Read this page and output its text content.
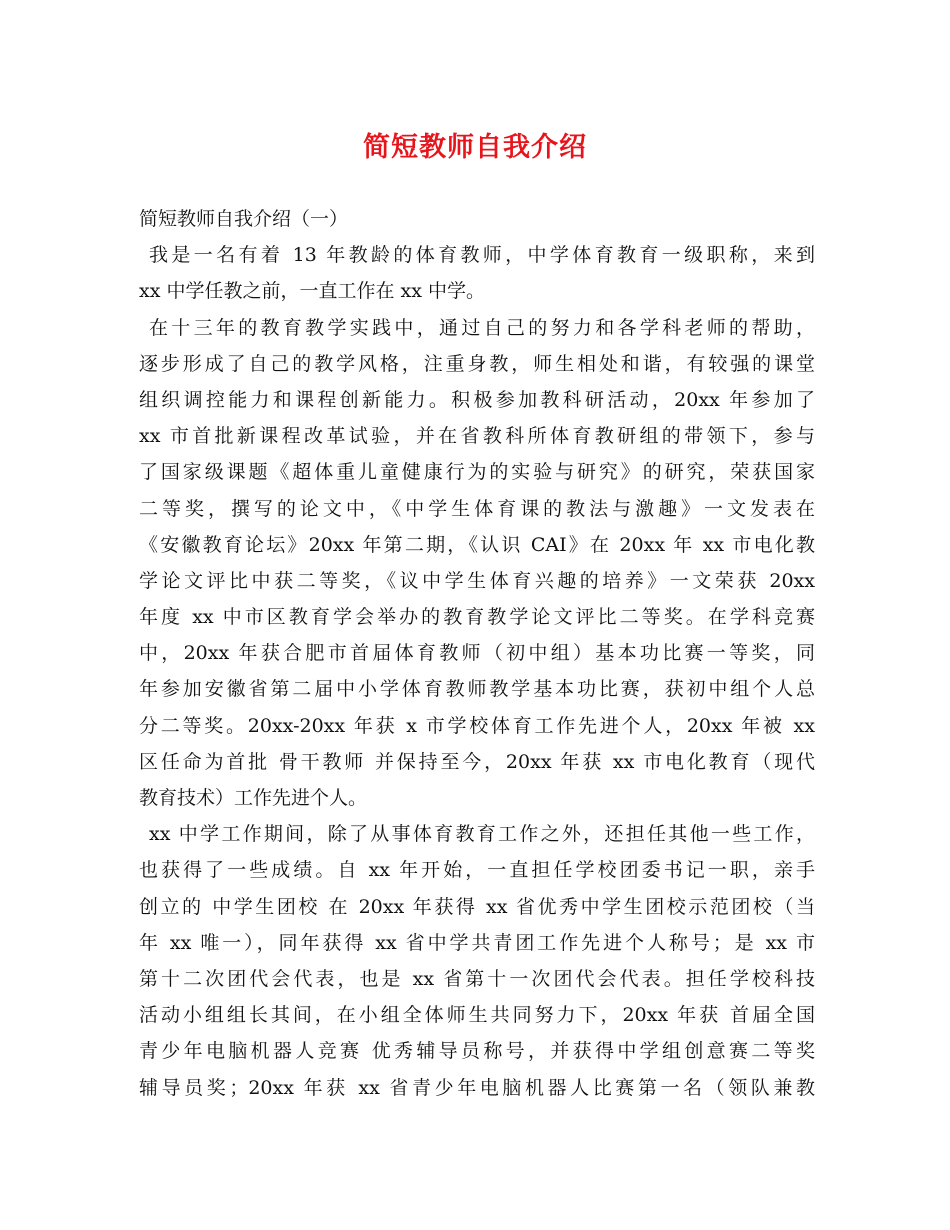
简短教师自我介绍
简短教师自我介绍（一）
我是一名有着 13 年教龄的体育教师，中学体育教育一级职称，来到
xx 中学任教之前，一直工作在 xx 中学。
在十三年的教育教学实践中，通过自己的努力和各学科老师的帮助，
逐步形成了自己的教学风格，注重身教，师生相处和谐，有较强的课堂
组织调控能力和课程创新能力。积极参加教科研活动，20xx 年参加了
xx 市首批新课程改革试验，并在省教科所体育教研组的带领下，参与
了国家级课题《超体重儿童健康行为的实验与研究》的研究，荣获国家
二等奖，撰写的论文中，《中学生体育课的教法与激趣》一文发表在
《安徽教育论坛》20xx 年第二期，《认识 CAI》在 20xx 年 xx 市电化教
学论文评比中获二等奖，《议中学生体育兴趣的培养》一文荣获 20xx
年度 xx 中市区教育学会举办的教育教学论文评比二等奖。在学科竞赛
中，20xx 年获合肥市首届体育教师（初中组）基本功比赛一等奖，同
年参加安徽省第二届中小学体育教师教学基本功比赛，获初中组个人总
分二等奖。20xx-20xx 年获 x 市学校体育工作先进个人，20xx 年被 xx
区任命为首批 骨干教师 并保持至今，20xx 年获 xx 市电化教育（现代
教育技术）工作先进个人。
xx 中学工作期间，除了从事体育教育工作之外，还担任其他一些工作，
也获得了一些成绩。自 xx 年开始，一直担任学校团委书记一职，亲手
创立的 中学生团校 在 20xx 年获得 xx 省优秀中学生团校示范团校（当
年 xx 唯一），同年获得 xx 省中学共青团工作先进个人称号；是 xx 市
第十二次团代会代表，也是 xx 省第十一次团代会代表。担任学校科技
活动小组组长其间，在小组全体师生共同努力下，20xx 年获 首届全国
青少年电脑机器人竞赛 优秀辅导员称号，并获得中学组创意赛二等奖
辅导员奖；20xx 年获 xx 省青少年电脑机器人比赛第一名（领队兼教
